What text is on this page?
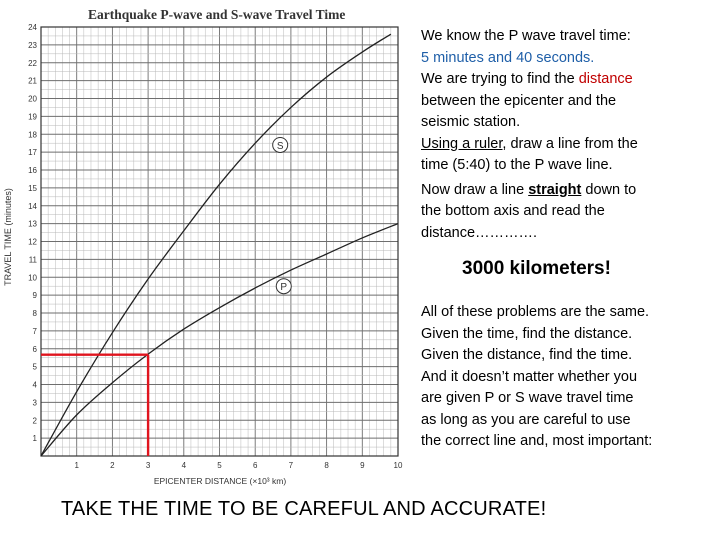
Earthquake P-wave and S-wave Travel Time
1
2
3
4
5
6
7
8
9
10
11
12
13
14
15
16
17
18
19
20
21
22
23
24
1	2	3	4	5	6	7	8	9	10
TRAVEL TIME (minutes)
EPICENTER DISTANCE (×10³ km)
S
P

We know the P wave travel time:

5 minutes and 40 seconds.

We are trying to find the distance

between the epicenter and the

seismic station.

Using a ruler, draw a line from the

time (5:40) to the P wave line.

Now draw a line straight down to

the bottom axis and read the

distance………….

3000 kilometers!

All of these problems are the same.

Given the time, find the distance.

Given the distance, find the time.

And it doesn’t matter whether you

are given P or S wave travel time

as long as you are careful to use

the correct line and, most important:

TAKE THE TIME TO BE CAREFUL AND ACCURATE!
